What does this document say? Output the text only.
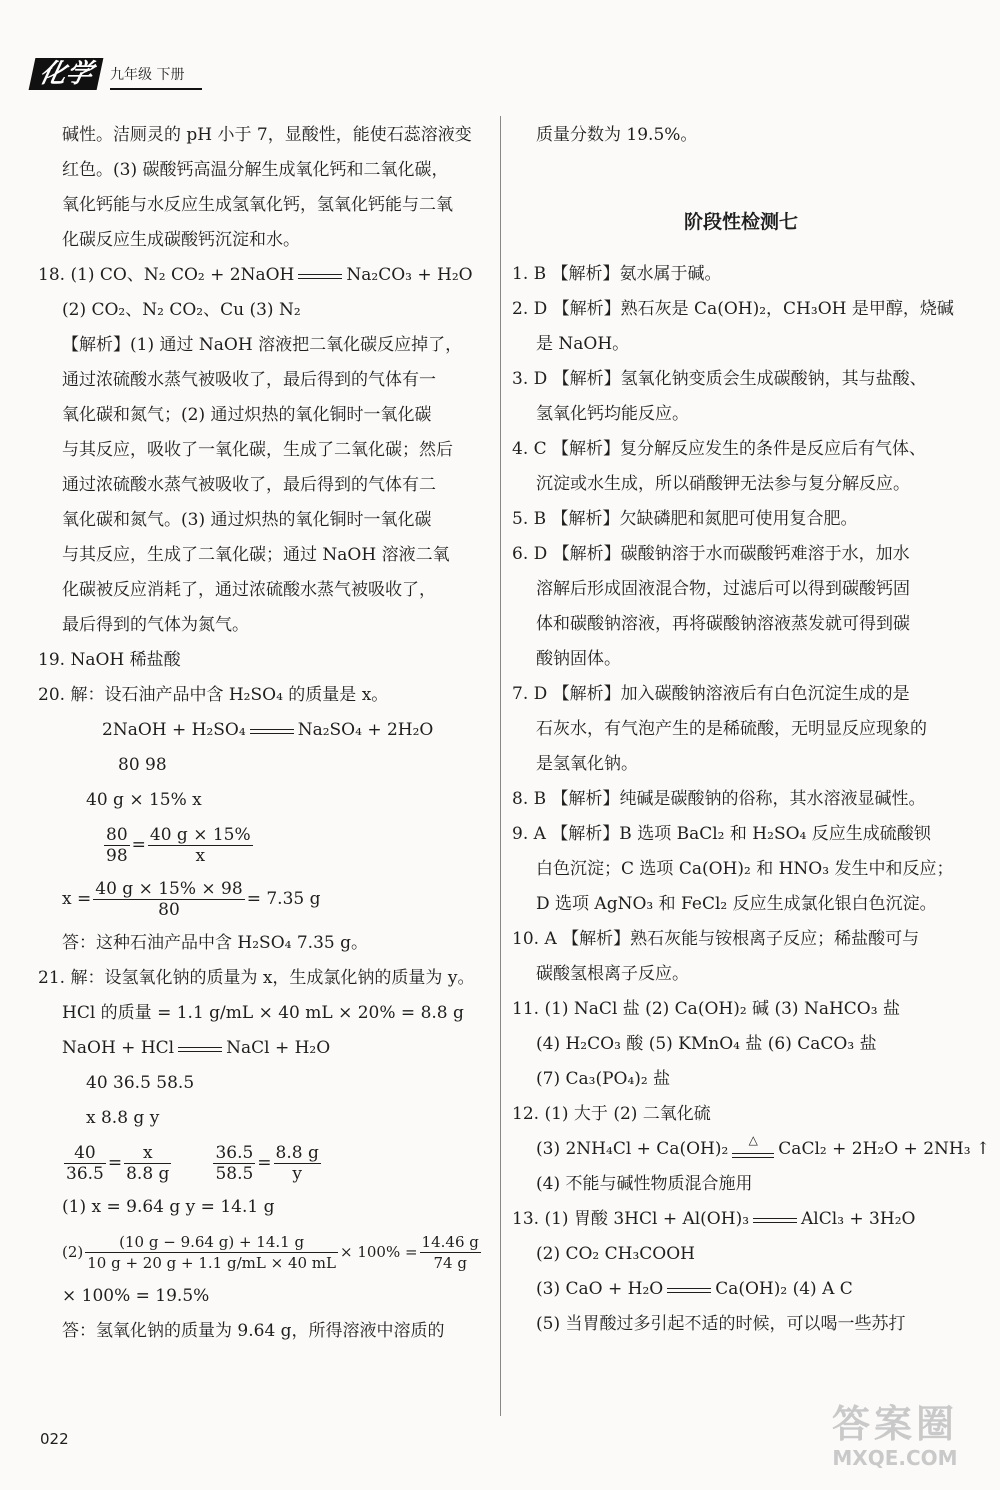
化学	九年级 下册
碱性。洁厕灵的 pH 小于 7，显酸性，能使石蕊溶液变
红色。(3) 碳酸钙高温分解生成氧化钙和二氧化碳，
氧化钙能与水反应生成氢氧化钙，氢氧化钙能与二氧
化碳反应生成碳酸钙沉淀和水。
18. (1) CO、N₂ CO₂ + 2NaOH	Na₂CO₃ + H₂O
(2) CO₂、N₂ CO₂、Cu (3) N₂
【解析】(1) 通过 NaOH 溶液把二氧化碳反应掉了，
通过浓硫酸水蒸气被吸收了，最后得到的气体有一
氧化碳和氮气；(2) 通过炽热的氧化铜时一氧化碳
与其反应，吸收了一氧化碳，生成了二氧化碳；然后
通过浓硫酸水蒸气被吸收了，最后得到的气体有二
氧化碳和氮气。(3) 通过炽热的氧化铜时一氧化碳
与其反应，生成了二氧化碳；通过 NaOH 溶液二氧
化碳被反应消耗了，通过浓硫酸水蒸气被吸收了，
最后得到的气体为氮气。
19. NaOH 稀盐酸
20. 解：设石油产品中含 H₂SO₄ 的质量是 x。
2NaOH + H₂SO₄	Na₂SO₄ + 2H₂O
80 98
40 g × 15% x
$\frac{80}{98} = \frac{40 g \times 15\%}{x}$
$x = \frac{40 g \times 15\% \times 98}{80} = 7.35$ g
答：这种石油产品中含 H₂SO₄ 7.35 g。
21. 解：设氢氧化钠的质量为 x，生成氯化钠的质量为 y。
HCl 的质量 = 1.1 g/mL × 40 mL × 20% = 8.8 g
NaOH + HCl	NaCl + H₂O
40 36.5 58.5
x 8.8 g y
$\frac{40}{36.5} = \frac{x}{8.8 g} \frac{36.5}{58.5} = \frac{8.8 g}{y}$
(1) x = 9.64 g y = 14.1 g
$(2) \frac{(10 g - 9.64 g) + 14.1 g}{10 g + 20 g + 1.1 g/mL \times 40 mL} \times 100\% = \frac{14.46 g}{74 g}$
× 100% = 19.5%
答：氢氧化钠的质量为 9.64 g，所得溶液中溶质的
质量分数为 19.5%。
阶段性检测七
1. B 【解析】氨水属于碱。
2. D 【解析】熟石灰是 Ca(OH)₂，CH₃OH 是甲醇，烧碱
是 NaOH。
3. D 【解析】氢氧化钠变质会生成碳酸钠，其与盐酸、
氢氧化钙均能反应。
4. C 【解析】复分解反应发生的条件是反应后有气体、
沉淀或水生成，所以硝酸钾无法参与复分解反应。
5. B 【解析】欠缺磷肥和氮肥可使用复合肥。
6. D 【解析】碳酸钠溶于水而碳酸钙难溶于水，加水
溶解后形成固液混合物，过滤后可以得到碳酸钙固
体和碳酸钠溶液，再将碳酸钠溶液蒸发就可得到碳
酸钠固体。
7. D 【解析】加入碳酸钠溶液后有白色沉淀生成的是
石灰水，有气泡产生的是稀硫酸，无明显反应现象的
是氢氧化钠。
8. B 【解析】纯碱是碳酸钠的俗称，其水溶液显碱性。
9. A 【解析】B 选项 BaCl₂ 和 H₂SO₄ 反应生成硫酸钡
白色沉淀；C 选项 Ca(OH)₂ 和 HNO₃ 发生中和反应；
D 选项 AgNO₃ 和 FeCl₂ 反应生成氯化银白色沉淀。
10. A 【解析】熟石灰能与铵根离子反应；稀盐酸可与
碳酸氢根离子反应。
11. (1) NaCl 盐 (2) Ca(OH)₂ 碱 (3) NaHCO₃ 盐
(4) H₂CO₃ 酸 (5) KMnO₄ 盐 (6) CaCO₃ 盐
(7) Ca₃(PO₄)₂ 盐
12. (1) 大于 (2) 二氧化硫
(3) 2NH₄Cl + Ca(OH)₂	△	CaCl₂ + 2H₂O + 2NH₃ ↑
(4) 不能与碱性物质混合施用
13. (1) 胃酸 3HCl + Al(OH)₃	AlCl₃ + 3H₂O
(2) CO₂ CH₃COOH
(3) CaO + H₂O	Ca(OH)₂ (4) A C
(5) 当胃酸过多引起不适的时候，可以喝一些苏打
022	答案圈
MXQE.COM
